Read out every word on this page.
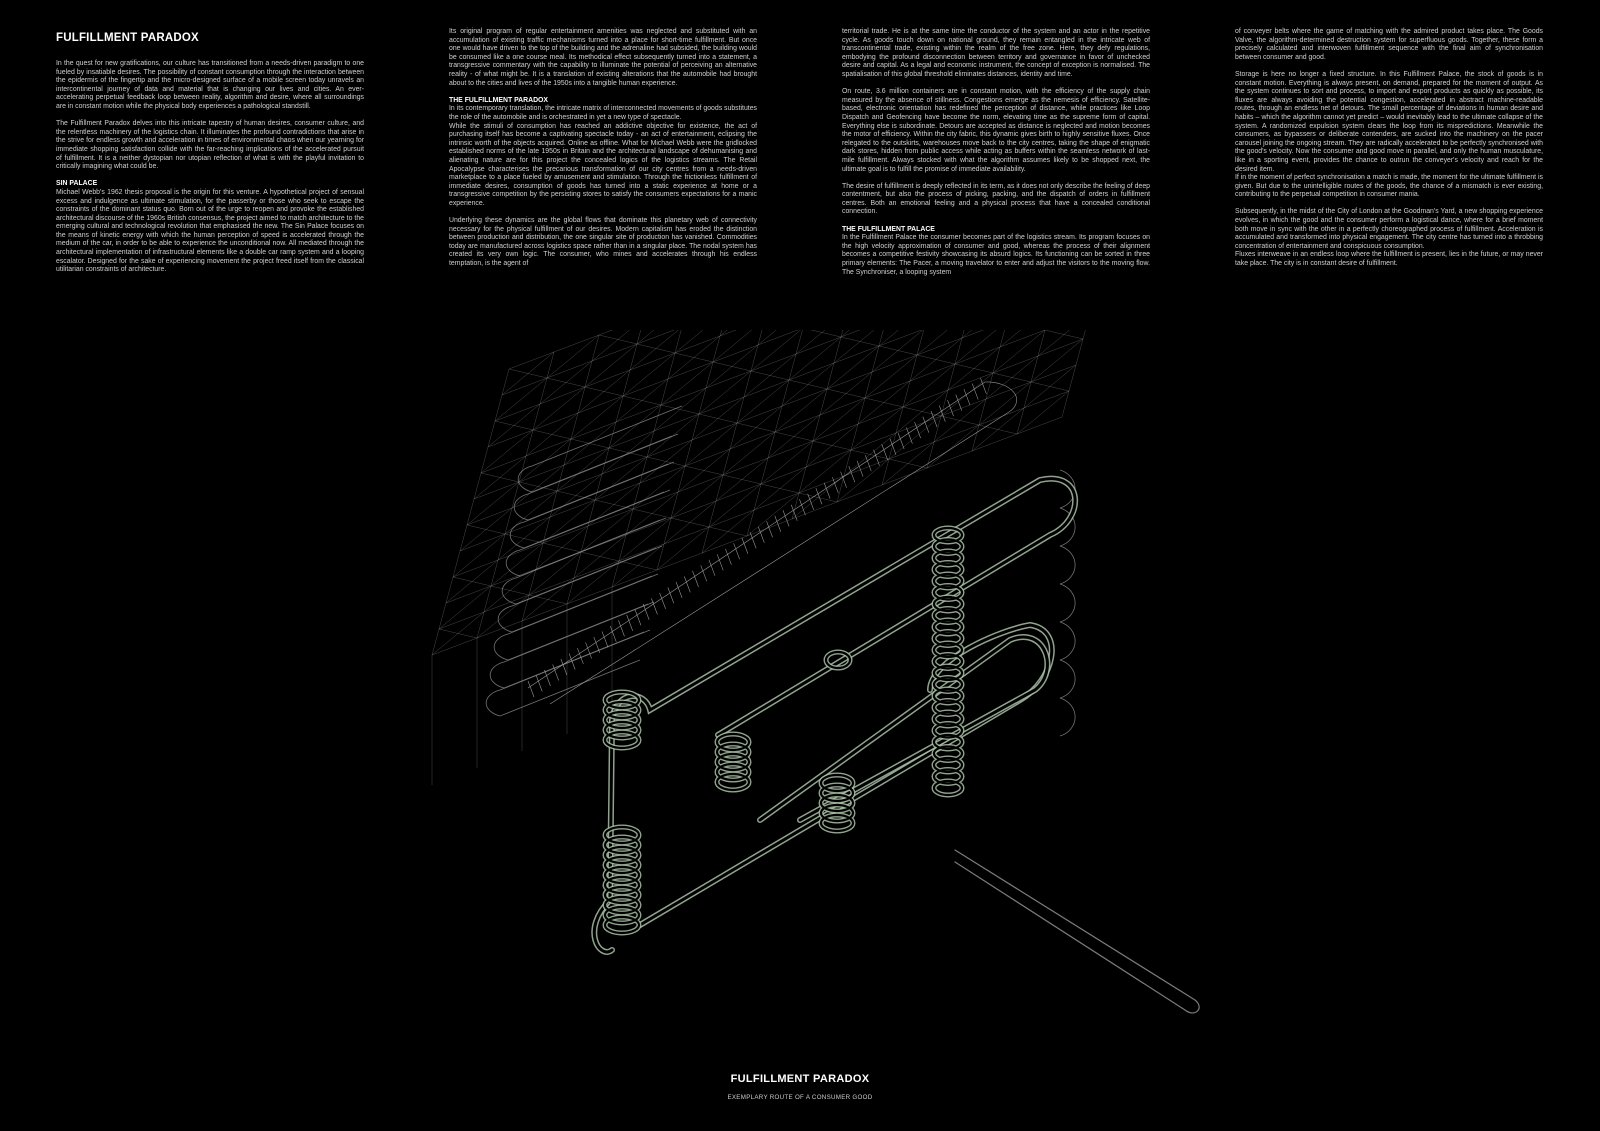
FULFILLMENT PARADOX

In the quest for new gratifications, our culture has transitioned from a needs-driven paradigm to one fueled by insatiable desires. The possibility of constant consumption through the interaction between the epidermis of the fingertip and the micro-designed surface of a mobile screen today unravels an intercontinental journey of data and material that is changing our lives and cities. An ever-accelerating perpetual feedback loop between reality, algorithm and desire, where all surroundings are in constant motion while the physical body experiences a pathological standstill.

The Fulfillment Paradox delves into this intricate tapestry of human desires, consumer culture, and the relentless machinery of the logistics chain. It illuminates the profound contradictions that arise in the strive for endless growth and acceleration in times of environmental chaos when our yearning for immediate shopping satisfaction collide with the far-reaching implications of the accelerated pursuit of fulfillment. It is a neither dystopian nor utopian reflection of what is with the playful invitation to critically imagining what could be.

SIN PALACE

Michael Webb's 1962 thesis proposal is the origin for this venture. A hypothetical project of sensual excess and indulgence as ultimate stimulation, for the passerby or those who seek to escape the constraints of the dominant status quo. Born out of the urge to reopen and provoke the established architectural discourse of the 1960s British consensus, the project aimed to match architecture to the emerging cultural and technological revolution that emphasised the new. The Sin Palace focuses on the means of kinetic energy with which the human perception of speed is accelerated through the medium of the car, in order to be able to experience the unconditional now. All mediated through the architectural implementation of infrastructural elements like a double car ramp system and a looping escalator. Designed for the sake of experiencing movement the project freed itself from the classical utilitarian constraints of architecture.

Its original program of regular entertainment amenities was neglected and substituted with an accumulation of existing traffic mechanisms turned into a place for short-time fulfillment. But once one would have driven to the top of the building and the adrenaline had subsided, the building would be consumed like a one course meal. Its methodical effect subsequently turned into a statement, a transgressive commentary with the capability to illuminate the potential of perceiving an alternative reality - of what might be. It is a translation of existing alterations that the automobile had brought about to the cities and lives of the 1950s into a tangible human experience.

THE FULFILLMENT PARADOX

In its contemporary translation, the intricate matrix of interconnected movements of goods substitutes the role of the automobile and is orchestrated in yet a new type of spectacle.

While the stimuli of consumption has reached an addictive objective for existence, the act of purchasing itself has become a captivating spectacle today - an act of entertainment, eclipsing the intrinsic worth of the objects acquired. Online as offline. What for Michael Webb were the gridlocked established norms of the late 1950s in Britain and the architectural landscape of dehumanising and alienating nature are for this project the concealed logics of the logistics streams. The Retail Apocalypse characterises the precarious transformation of our city centres from a needs-driven marketplace to a place fueled by amusement and stimulation. Through the frictionless fulfillment of immediate desires, consumption of goods has turned into a static experience at home or a transgressive competition by the persisting stores to satisfy the consumers expectations for a manic experience.

Underlying these dynamics are the global flows that dominate this planetary web of connectivity necessary for the physical fulfillment of our desires. Modern capitalism has eroded the distinction between production and distribution, the one singular site of production has vanished. Commodities today are manufactured across logistics space rather than in a singular place. The nodal system has created its very own logic. The consumer, who mines and accelerates through his endless temptation, is the agent of

territorial trade. He is at the same time the conductor of the system and an actor in the repetitive cycle. As goods touch down on national ground, they remain entangled in the intricate web of transcontinental trade, existing within the realm of the free zone. Here, they defy regulations, embodying the profound disconnection between territory and governance in favor of unchecked desire and capital. As a legal and economic instrument, the concept of exception is normalised. The spatialisation of this global threshold eliminates distances, identity and time.

On route, 3.6 million containers are in constant motion, with the efficiency of the supply chain measured by the absence of stillness. Congestions emerge as the nemesis of efficiency. Satellite-based, electronic orientation has redefined the perception of distance, while practices like Loop Dispatch and Geofencing have become the norm, elevating time as the supreme form of capital. Everything else is subordinate. Detours are accepted as distance is neglected and motion becomes the motor of efficiency. Within the city fabric, this dynamic gives birth to highly sensitive fluxes. Once relegated to the outskirts, warehouses move back to the city centres, taking the shape of enigmatic dark stores, hidden from public access while acting as buffers within the seamless network of last-mile fulfillment. Always stocked with what the algorithm assumes likely to be shopped next, the ultimate goal is to fulfill the promise of immediate availability.

The desire of fulfillment is deeply reflected in its term, as it does not only describe the feeling of deep contentment, but also the process of picking, packing, and the dispatch of orders in fulfillment centres. Both an emotional feeling and a physical process that have a concealed conditional connection.

THE FULFILLMENT PALACE

In the Fulfillment Palace the consumer becomes part of the logistics stream. Its program focuses on the high velocity approximation of consumer and good, whereas the process of their alignment becomes a competitive festivity showcasing its absurd logics. Its functioning can be sorted in three primary elements: The Pacer, a moving travelator to enter and adjust the visitors to the moving flow. The Synchroniser, a looping system

of conveyer belts where the game of matching with the admired product takes place. The Goods Valve, the algorithm-determined destruction system for superfluous goods. Together, these form a precisely calculated and interwoven fulfillment sequence with the final aim of synchronisation between consumer and good.

Storage is here no longer a fixed structure. In this Fulfillment Palace, the stock of goods is in constant motion. Everything is always present, on demand, prepared for the moment of output. As the system continues to sort and process, to import and export products as quickly as possible, its fluxes are always avoiding the potential congestion, accelerated in abstract machine-readable routes, through an endless net of detours. The small percentage of deviations in human desire and habits – which the algorithm cannot yet predict – would inevitably lead to the ultimate collapse of the system. A randomized expulsion system clears the loop from its mispredictions. Meanwhile the consumers, as bypassers or deliberate contenders, are sucked into the machinery on the pacer carousel joining the ongoing stream. They are radically accelerated to be perfectly synchronised with the good's velocity. Now the consumer and good move in parallel, and only the human musculature, like in a sporting event, provides the chance to outrun the conveyer's velocity and reach for the desired item.

If in the moment of perfect synchronisation a match is made, the moment for the ultimate fulfillment is given. But due to the unintelligible routes of the goods, the chance of a mismatch is ever existing, contributing to the perpetual competition in consumer mania.

Subsequently, in the midst of the City of London at the Goodman's Yard, a new shopping experience evolves, in which the good and the consumer perform a logistical dance, where for a brief moment both move in sync with the other in a perfectly choreographed process of fulfillment. Acceleration is accumulated and transformed into physical engagement. The city centre has turned into a throbbing concentration of entertainment and conspicuous consumption.

Fluxes interweave in an endless loop where the fulfillment is present, lies in the future, or may never take place. The city is in constant desire of fulfillment.

FULFILLMENT PARADOX
EXEMPLARY ROUTE OF A CONSUMER GOOD
